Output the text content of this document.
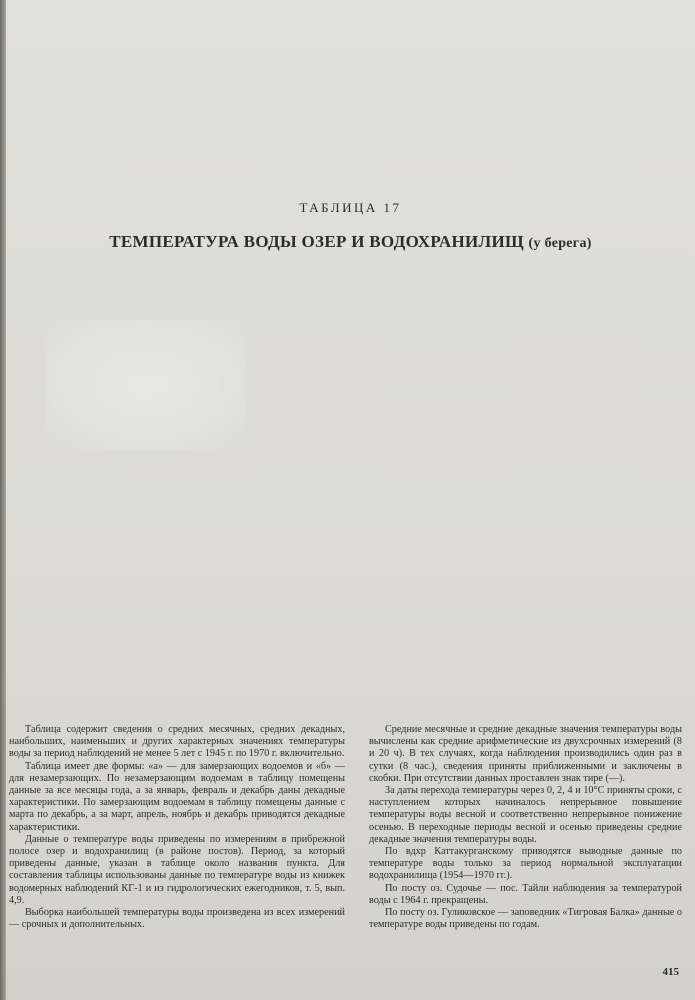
ТАБЛИЦА 17
ТЕМПЕРАТУРА ВОДЫ ОЗЕР И ВОДОХРАНИЛИЩ (у берега)

Таблица содержит сведения о средних месячных, средних декадных, наибольших, наименьших и других характерных значениях температуры воды за период наблюдений не менее 5 лет с 1945 г. по 1970 г. включительно.

Таблица имеет две формы: «а» — для замерзающих водоемов и «б» — для незамерзающих. По незамерзающим водоемам в таблицу помещены данные за все месяцы года, а за январь, февраль и декабрь даны декадные характеристики. По замерзающим водоемам в таблицу помещены данные с марта по декабрь, а за март, апрель, ноябрь и декабрь приводятся декадные характеристики.

Данные о температуре воды приведены по измерениям в прибрежной полосе озер и водохранилищ (в районе постов). Период, за который приведены данные, указан в таблице около названия пункта. Для составления таблицы использованы данные по температуре воды из книжек водомерных наблюдений КГ-1 и из гидрологических ежегодников, т. 5, вып. 4,9.

Выборка наибольшей температуры воды произведена из всех измерений — срочных и дополнительных.

Средние месячные и средние декадные значения температуры воды вычислены как средние арифметические из двухсрочных измерений (8 и 20 ч). В тех случаях, когда наблюдения производились один раз в сутки (8 час.), сведения приняты приближенными и заключены в скобки. При отсутствии данных проставлен знак тире (—).

За даты перехода температуры через 0, 2, 4 и 10°С приняты сроки, с наступлением которых начиналось непрерывное повышение температуры воды весной и соответственно непрерывное понижение осенью. В переходные периоды весной и осенью приведены средние декадные значения температуры воды.

По вдхр Каттакурганскому приводятся выводные данные по температуре воды только за период нормальной эксплуатации водохранилища (1954—1970 гг.).

По посту оз. Судочье — пос. Тайли наблюдения за температурой воды с 1964 г. прекращены.

По посту оз. Гуликовское — заповедник «Тигровая Балка» данные о температуре воды приведены по годам.

415
